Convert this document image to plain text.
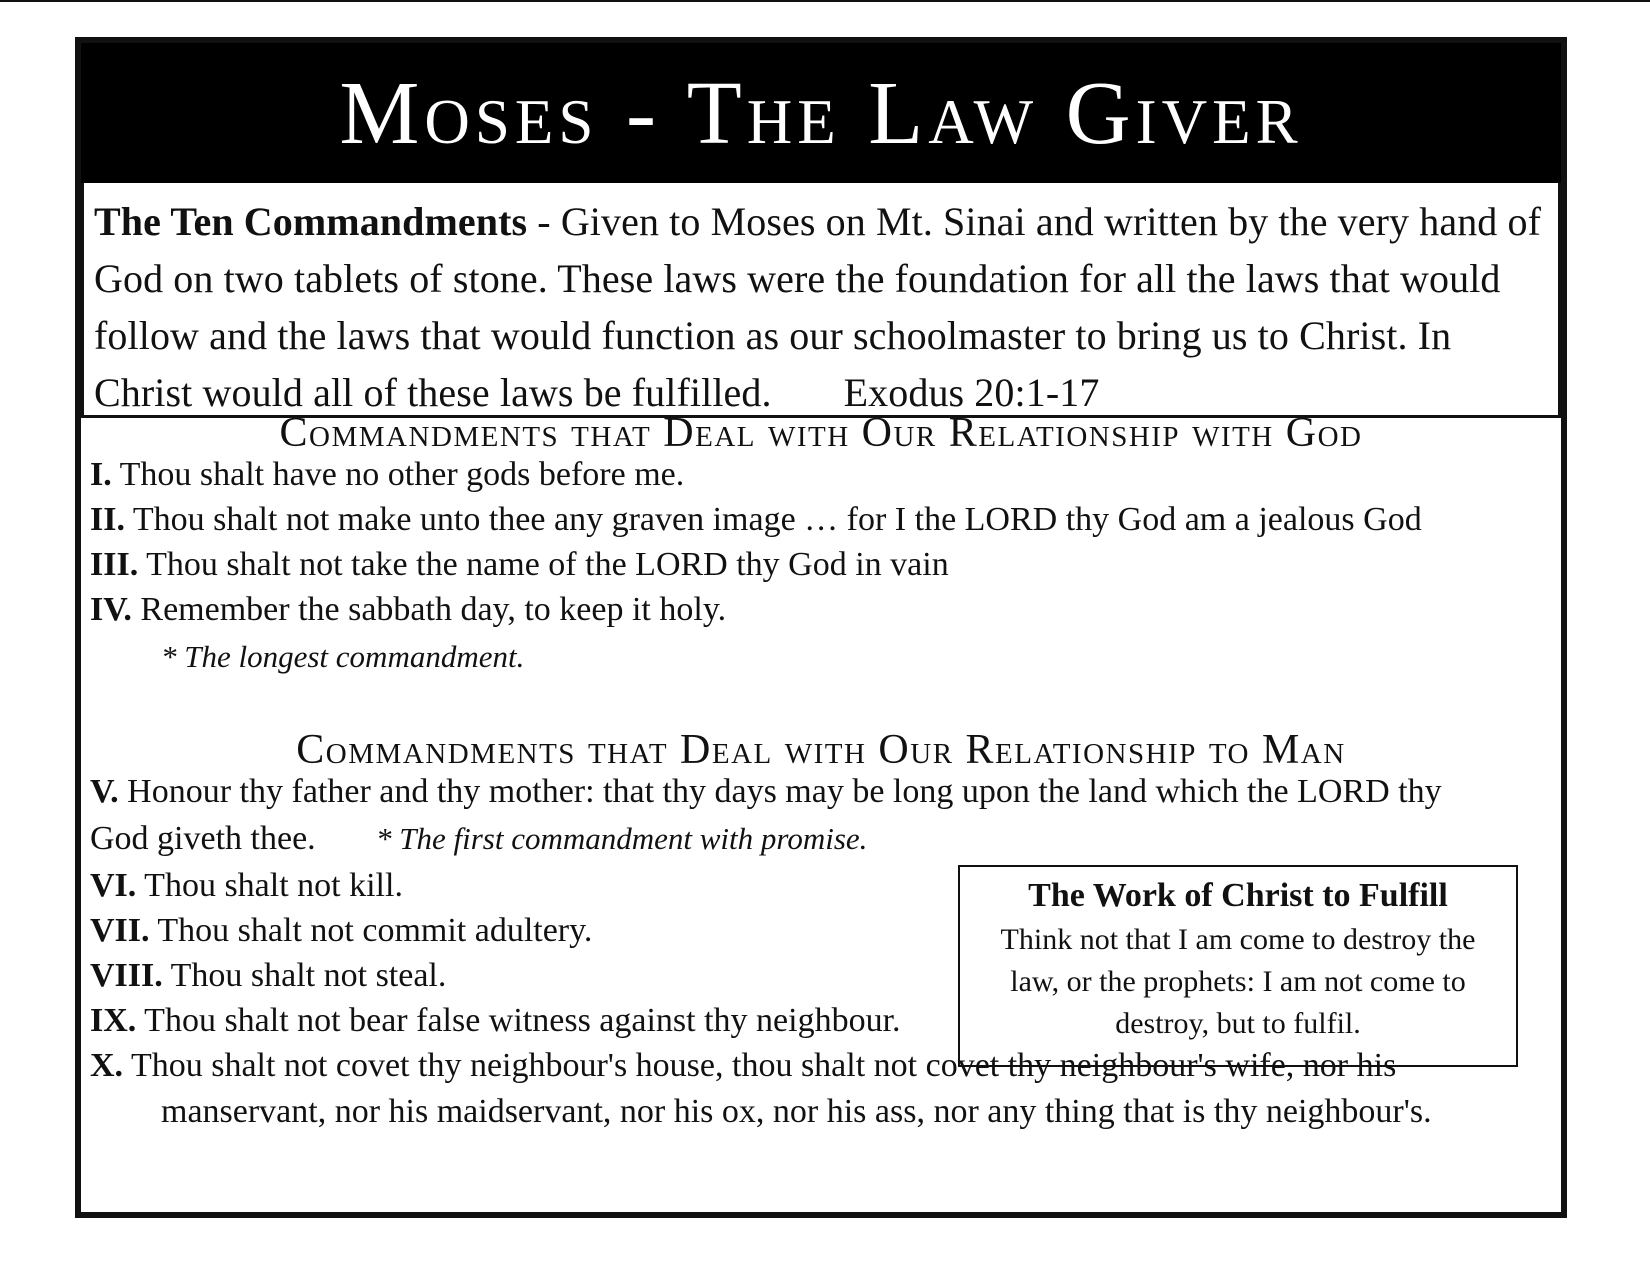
Moses - The Law Giver

The Ten Commandments - Given to Moses on Mt. Sinai and written by the very hand of God on two tablets of stone. These laws were the foundation for all the laws that would follow and the laws that would function as our schoolmaster to bring us to Christ. In Christ would all of these laws be fulfilled. Exodus 20:1-17

Commandments that Deal with Our Relationship with God
I. Thou shalt have no other gods before me.
II. Thou shalt not make unto thee any graven image … for I the LORD thy God am a jealous God
III. Thou shalt not take the name of the LORD thy God in vain
IV. Remember the sabbath day, to keep it holy.
* The longest commandment.
Commandments that Deal with Our Relationship to Man
V. Honour thy father and thy mother: that thy days may be long upon the land which the LORD thy
God giveth thee. * The first commandment with promise.
VI. Thou shalt not kill.
VII. Thou shalt not commit adultery.
VIII. Thou shalt not steal.
IX. Thou shalt not bear false witness against thy neighbour.
X. Thou shalt not covet thy neighbour's house, thou shalt not covet thy neighbour's wife, nor his
manservant, nor his maidservant, nor his ox, nor his ass, nor any thing that is thy neighbour's.
The Work of Christ to Fulfill
Think not that I am come to destroy the law, or the prophets: I am not come to destroy, but to fulfil.
